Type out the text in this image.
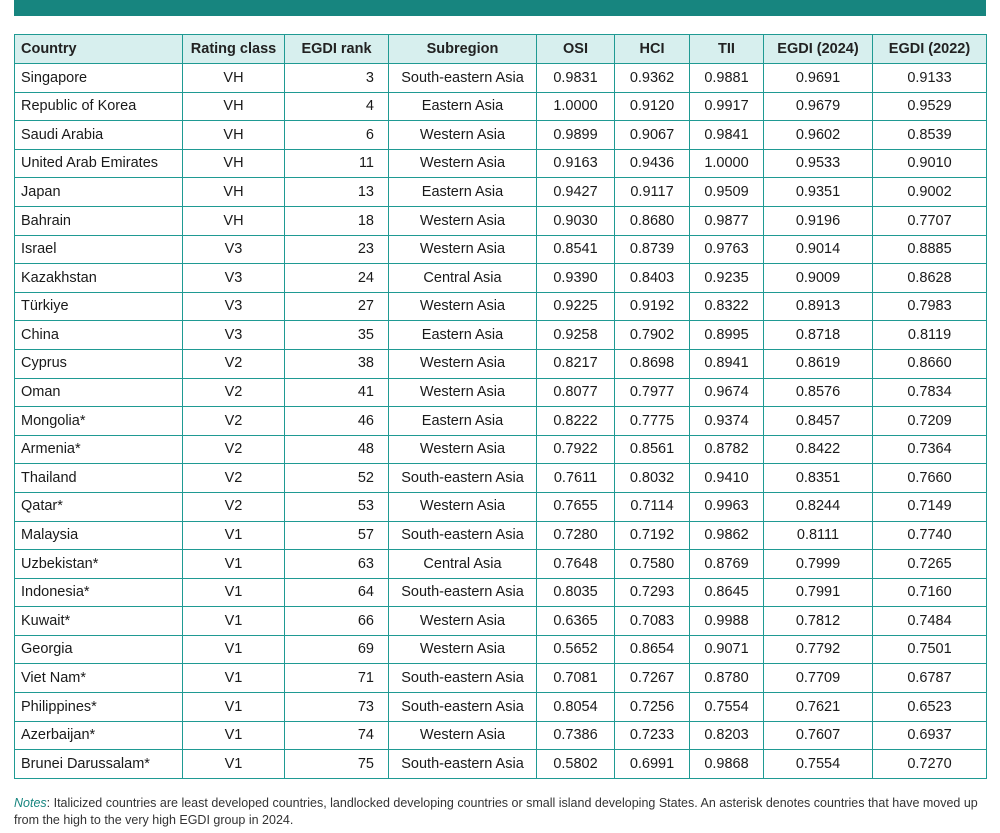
Country	Rating class	EGDI rank	Subregion	OSI	HCI	TII	EGDI (2024)	EGDI (2022)
Singapore	VH	3	South-eastern Asia	0.9831	0.9362	0.9881	0.9691	0.9133
Republic of Korea	VH	4	Eastern Asia	1.0000	0.9120	0.9917	0.9679	0.9529
Saudi Arabia	VH	6	Western Asia	0.9899	0.9067	0.9841	0.9602	0.8539
United Arab Emirates	VH	11	Western Asia	0.9163	0.9436	1.0000	0.9533	0.9010
Japan	VH	13	Eastern Asia	0.9427	0.9117	0.9509	0.9351	0.9002
Bahrain	VH	18	Western Asia	0.9030	0.8680	0.9877	0.9196	0.7707
Israel	V3	23	Western Asia	0.8541	0.8739	0.9763	0.9014	0.8885
Kazakhstan	V3	24	Central Asia	0.9390	0.8403	0.9235	0.9009	0.8628
Türkiye	V3	27	Western Asia	0.9225	0.9192	0.8322	0.8913	0.7983
China	V3	35	Eastern Asia	0.9258	0.7902	0.8995	0.8718	0.8119
Cyprus	V2	38	Western Asia	0.8217	0.8698	0.8941	0.8619	0.8660
Oman	V2	41	Western Asia	0.8077	0.7977	0.9674	0.8576	0.7834
Mongolia*	V2	46	Eastern Asia	0.8222	0.7775	0.9374	0.8457	0.7209
Armenia*	V2	48	Western Asia	0.7922	0.8561	0.8782	0.8422	0.7364
Thailand	V2	52	South-eastern Asia	0.7611	0.8032	0.9410	0.8351	0.7660
Qatar*	V2	53	Western Asia	0.7655	0.7114	0.9963	0.8244	0.7149
Malaysia	V1	57	South-eastern Asia	0.7280	0.7192	0.9862	0.8111	0.7740
Uzbekistan*	V1	63	Central Asia	0.7648	0.7580	0.8769	0.7999	0.7265
Indonesia*	V1	64	South-eastern Asia	0.8035	0.7293	0.8645	0.7991	0.7160
Kuwait*	V1	66	Western Asia	0.6365	0.7083	0.9988	0.7812	0.7484
Georgia	V1	69	Western Asia	0.5652	0.8654	0.9071	0.7792	0.7501
Viet Nam*	V1	71	South-eastern Asia	0.7081	0.7267	0.8780	0.7709	0.6787
Philippines*	V1	73	South-eastern Asia	0.8054	0.7256	0.7554	0.7621	0.6523
Azerbaijan*	V1	74	Western Asia	0.7386	0.7233	0.8203	0.7607	0.6937
Brunei Darussalam*	V1	75	South-eastern Asia	0.5802	0.6991	0.9868	0.7554	0.7270
Notes: Italicized countries are least developed countries, landlocked developing countries or small island developing States. An asterisk denotes countries that have moved up from the high to the very high EGDI group in 2024.
